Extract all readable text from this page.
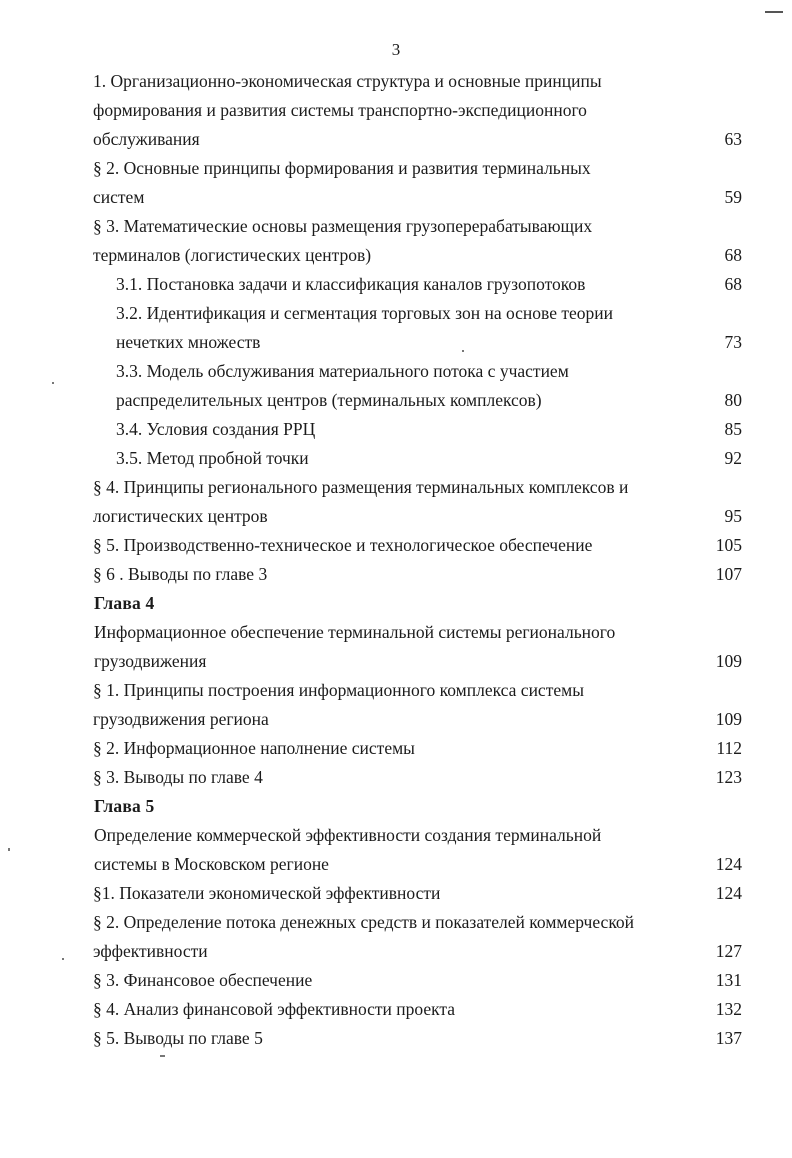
3
1. Организационно-экономическая структура и основные принципы
формирования и развития системы транспортно-экспедиционного
обслуживания	63
§ 2. Основные принципы формирования и развития терминальных
систем	59
§ 3. Математические основы размещения грузоперерабатывающих
терминалов (логистических центров)	68
3.1. Постановка задачи и классификация каналов грузопотоков	68
3.2. Идентификация и сегментация торговых зон на основе теории
нечетких множеств	73
3.3. Модель обслуживания материального потока с участием
распределительных центров (терминальных комплексов)	80
3.4. Условия создания РРЦ	85
3.5. Метод пробной точки	92
§ 4. Принципы регионального размещения терминальных комплексов и
логистических центров	95
§ 5. Производственно-техническое и технологическое обеспечение	105
§ 6 . Выводы по главе 3	107
Глава 4
Информационное обеспечение терминальной системы регионального
грузодвижения	109
§ 1. Принципы построения информационного комплекса системы
грузодвижения региона	109
§ 2. Информационное наполнение системы	112
§ 3. Выводы по главе 4	123
Глава 5
Определение коммерческой эффективности создания терминальной
системы в Московском регионе	124
§1. Показатели экономической эффективности	124
§ 2. Определение потока денежных средств и показателей коммерческой
эффективности	127
§ 3. Финансовое обеспечение	131
§ 4. Анализ финансовой эффективности проекта	132
§ 5. Выводы по главе 5	137
